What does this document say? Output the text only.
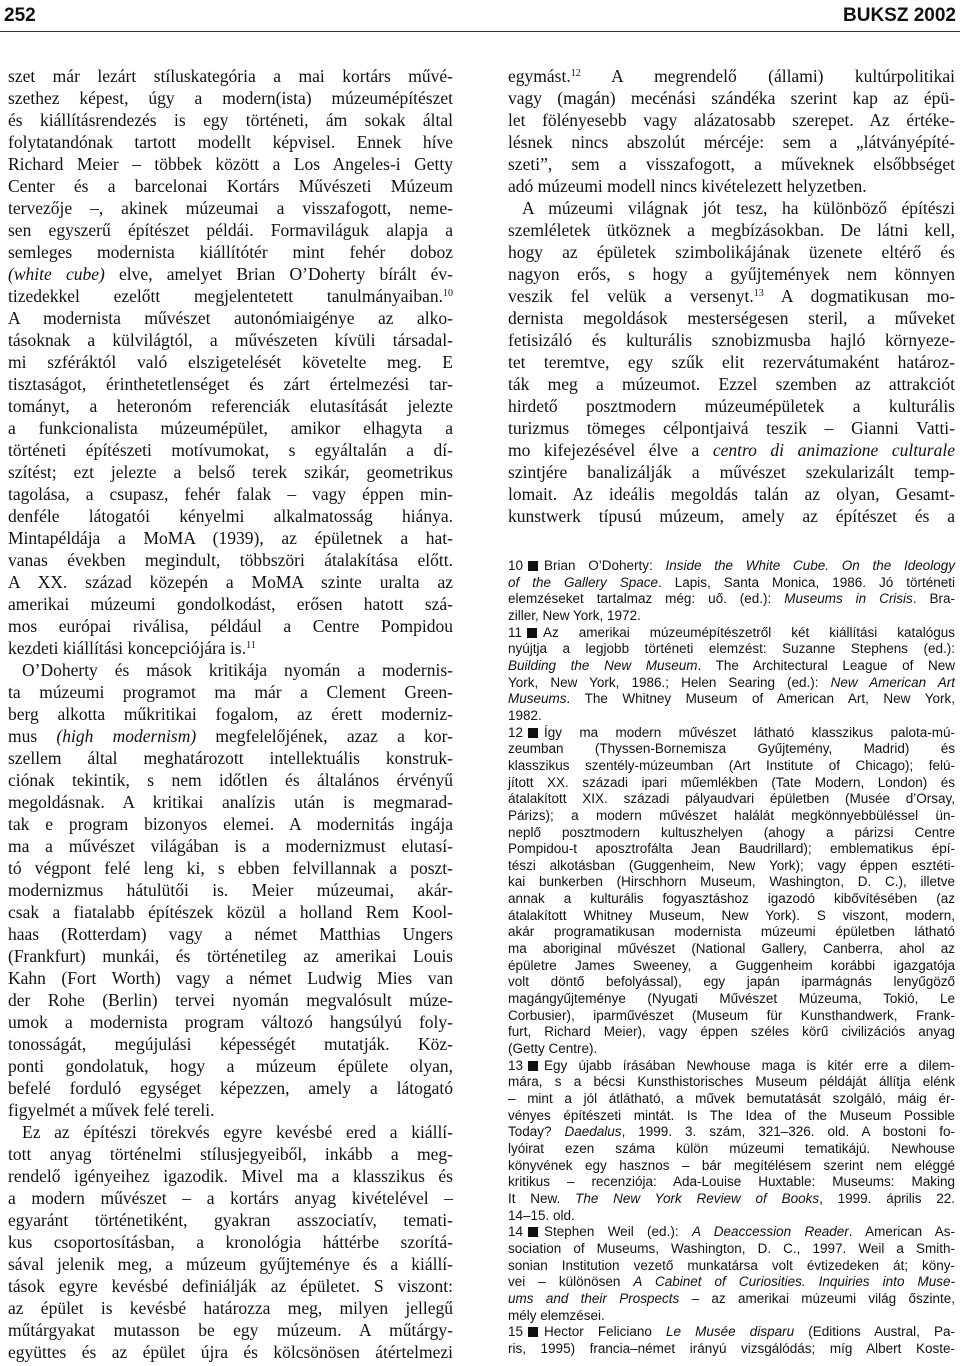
252	BUKSZ 2002
szet már lezárt stíluskategória a mai kortárs művé-
szethez képest, úgy a modern(ista) múzeumépítészet
és kiállításrendezés is egy történeti, ám sokak által
folytatandónak tartott modellt képvisel. Ennek híve
Richard Meier – többek között a Los Angeles-i Getty
Center és a barcelonai Kortárs Művészeti Múzeum
tervezője –, akinek múzeumai a visszafogott, neme-
sen egyszerű építészet példái. Formaviláguk alapja a
semleges modernista kiállítótér mint fehér doboz
(white cube) elve, amelyet Brian O’Doherty bírált év-
tizedekkel ezelőtt megjelentetett tanulmányaiban.$^{10}$
A modernista művészet autonómiaigénye az alko-
tásoknak a külvilágtól, a művészeten kívüli társadal-
mi szféráktól való elszigetelését követelte meg. E
tisztaságot, érinthetetlenséget és zárt értelmezési tar-
tományt, a heteronóm referenciák elutasítását jelezte
a funkcionalista múzeumépület, amikor elhagyta a
történeti építészeti motívumokat, s egyáltalán a dí-
szítést; ezt jelezte a belső terek szikár, geometrikus
tagolása, a csupasz, fehér falak – vagy éppen min-
denféle látogatói kényelmi alkalmatosság hiánya.
Mintapéldája a MoMA (1939), az épületnek a hat-
vanas években megindult, többszöri átalakítása előtt.
A XX. század közepén a MoMA szinte uralta az
amerikai múzeumi gondolkodást, erősen hatott szá-
mos európai riválisa, például a Centre Pompidou
kezdeti kiállítási koncepciójára is.$^{11}$
O’Doherty és mások kritikája nyomán a modernis-
ta múzeumi programot ma már a Clement Green-
berg alkotta műkritikai fogalom, az érett moderniz-
mus (high modernism) megfelelőjének, azaz a kor-
szellem által meghatározott intellektuális konstruk-
ciónak tekintik, s nem időtlen és általános érvényű
megoldásnak. A kritikai analízis után is megmarad-
tak e program bizonyos elemei. A modernitás ingája
ma a művészet világában is a modernizmust elutasí-
tó végpont felé leng ki, s ebben felvillannak a poszt-
modernizmus hátulütői is. Meier múzeumai, akár-
csak a fiatalabb építészek közül a holland Rem Kool-
haas (Rotterdam) vagy a német Matthias Ungers
(Frankfurt) munkái, és történetileg az amerikai Louis
Kahn (Fort Worth) vagy a német Ludwig Mies van
der Rohe (Berlin) tervei nyomán megvalósult múze-
umok a modernista program változó hangsúlyú foly-
tonosságát, megújulási képességét mutatják. Köz-
ponti gondolatuk, hogy a múzeum épülete olyan,
befelé forduló egységet képezzen, amely a látogató
figyelmét a művek felé tereli.
Ez az építészi törekvés egyre kevésbé ered a kiállí-
tott anyag történelmi stílusjegyeiből, inkább a meg-
rendelő igényeihez igazodik. Mivel ma a klasszikus és
a modern művészet – a kortárs anyag kivételével –
egyaránt történetiként, gyakran asszociatív, temati-
kus csoportosításban, a kronológia háttérbe szorítá-
sával jelenik meg, a múzeum gyűjteménye és a kiállí-
tások egyre kevésbé definiálják az épületet. S viszont:
az épület is kevésbé határozza meg, milyen jellegű
műtárgyakat mutasson be egy múzeum. A műtárgy-
együttes és az épület újra és kölcsönösen átértelmezi
egymást.$^{12}$ A megrendelő (állami) kultúrpolitikai
vagy (magán) mecénási szándéka szerint kap az épü-
let fölényesebb vagy alázatosabb szerepet. Az értéke-
lésnek nincs abszolút mércéje: sem a „látványépíté-
szeti”, sem a visszafogott, a műveknek elsőbbséget
adó múzeumi modell nincs kivételezett helyzetben.
A múzeumi világnak jót tesz, ha különböző építészi
szemléletek ütköznek a megbízásokban. De látni kell,
hogy az épületek szimbolikájának üzenete eltérő és
nagyon erős, s hogy a gyűjtemények nem könnyen
veszik fel velük a versenyt.$^{13}$ A dogmatikusan mo-
dernista megoldások mesterségesen steril, a műveket
fetisizáló és kulturális sznobizmusba hajló környeze-
tet teremtve, egy szűk elit rezervátumaként határoz-
ták meg a múzeumot. Ezzel szemben az attrakciót
hirdető posztmodern múzeumépületek a kulturális
turizmus tömeges célpontjaivá teszik – Gianni Vatti-
mo kifejezésével élve a centro di animazione culturale
szintjére banalizálják a művészet szekularizált temp-
lomait. Az ideális megoldás talán az olyan, Gesamt-
kunstwerk típusú múzeum, amely az építészet és a
10 Brian O’Doherty: Inside the White Cube. On the Ideology
of the Gallery Space. Lapis, Santa Monica, 1986. Jó történeti
elemzéseket tartalmaz még: uő. (ed.): Museums in Crisis. Bra-
ziller, New York, 1972.
11 Az amerikai múzeumépítészetről két kiállítási katalógus
nyújtja a legjobb történeti elemzést: Suzanne Stephens (ed.):
Building the New Museum. The Architectural League of New
York, New York, 1986.; Helen Searing (ed.): New American Art
Museums. The Whitney Museum of American Art, New York,
1982.
12 Így ma modern művészet látható klasszikus palota-mú-
zeumban (Thyssen-Bornemisza Gyűjtemény, Madrid) és
klasszikus szentély-múzeumban (Art Institute of Chicago); felú-
jított XX. századi ipari műemlékben (Tate Modern, London) és
átalakított XIX. századi pályaudvari épületben (Musée d’Orsay,
Párizs); a modern művészet halálát megkönnyebbüléssel ün-
neplő posztmodern kultuszhelyen (ahogy a párizsi Centre
Pompidou-t aposztrofálta Jean Baudrillard); emblematikus épí-
tészi alkotásban (Guggenheim, New York); vagy éppen esztéti-
kai bunkerben (Hirschhorn Museum, Washington, D. C.), illetve
annak a kulturális fogyasztáshoz igazodó kibővítésében (az
átalakított Whitney Museum, New York). S viszont, modern,
akár programatikusan modernista múzeumi épületben látható
ma aboriginal művészet (National Gallery, Canberra, ahol az
épületre James Sweeney, a Guggenheim korábbi igazgatója
volt döntő befolyással), egy japán iparmágnás lenyűgöző
magángyűjteménye (Nyugati Művészet Múzeuma, Tokió, Le
Corbusier), iparművészet (Museum für Kunsthandwerk, Frank-
furt, Richard Meier), vagy éppen széles körű civilizációs anyag
(Getty Centre).
13 Egy újabb írásában Newhouse maga is kitér erre a dilem-
mára, s a bécsi Kunsthistorisches Museum példáját állítja elénk
– mint a jól átlátható, a művek bemutatását szolgáló, máig ér-
vényes építészeti mintát. Is The Idea of the Museum Possible
Today? Daedalus, 1999. 3. szám, 321–326. old. A bostoni fo-
lyóirat ezen száma külön múzeumi tematikájú. Newhouse
könyvének egy hasznos – bár megítélésem szerint nem eléggé
kritikus – recenziója: Ada-Louise Huxtable: Museums: Making
It New. The New York Review of Books, 1999. április 22.
14–15. old.
14 Stephen Weil (ed.): A Deaccession Reader. American As-
sociation of Museums, Washington, D. C., 1997. Weil a Smith-
sonian Institution vezető munkatársa volt évtizedeken át; köny-
vei – különösen A Cabinet of Curiosities. Inquiries into Muse-
ums and their Prospects – az amerikai múzeumi világ őszinte,
mély elemzései.
15 Hector Feliciano Le Musée disparu (Editions Austral, Pa-
ris, 1995) francia–német irányú vizsgálódás; míg Albert Koste-
